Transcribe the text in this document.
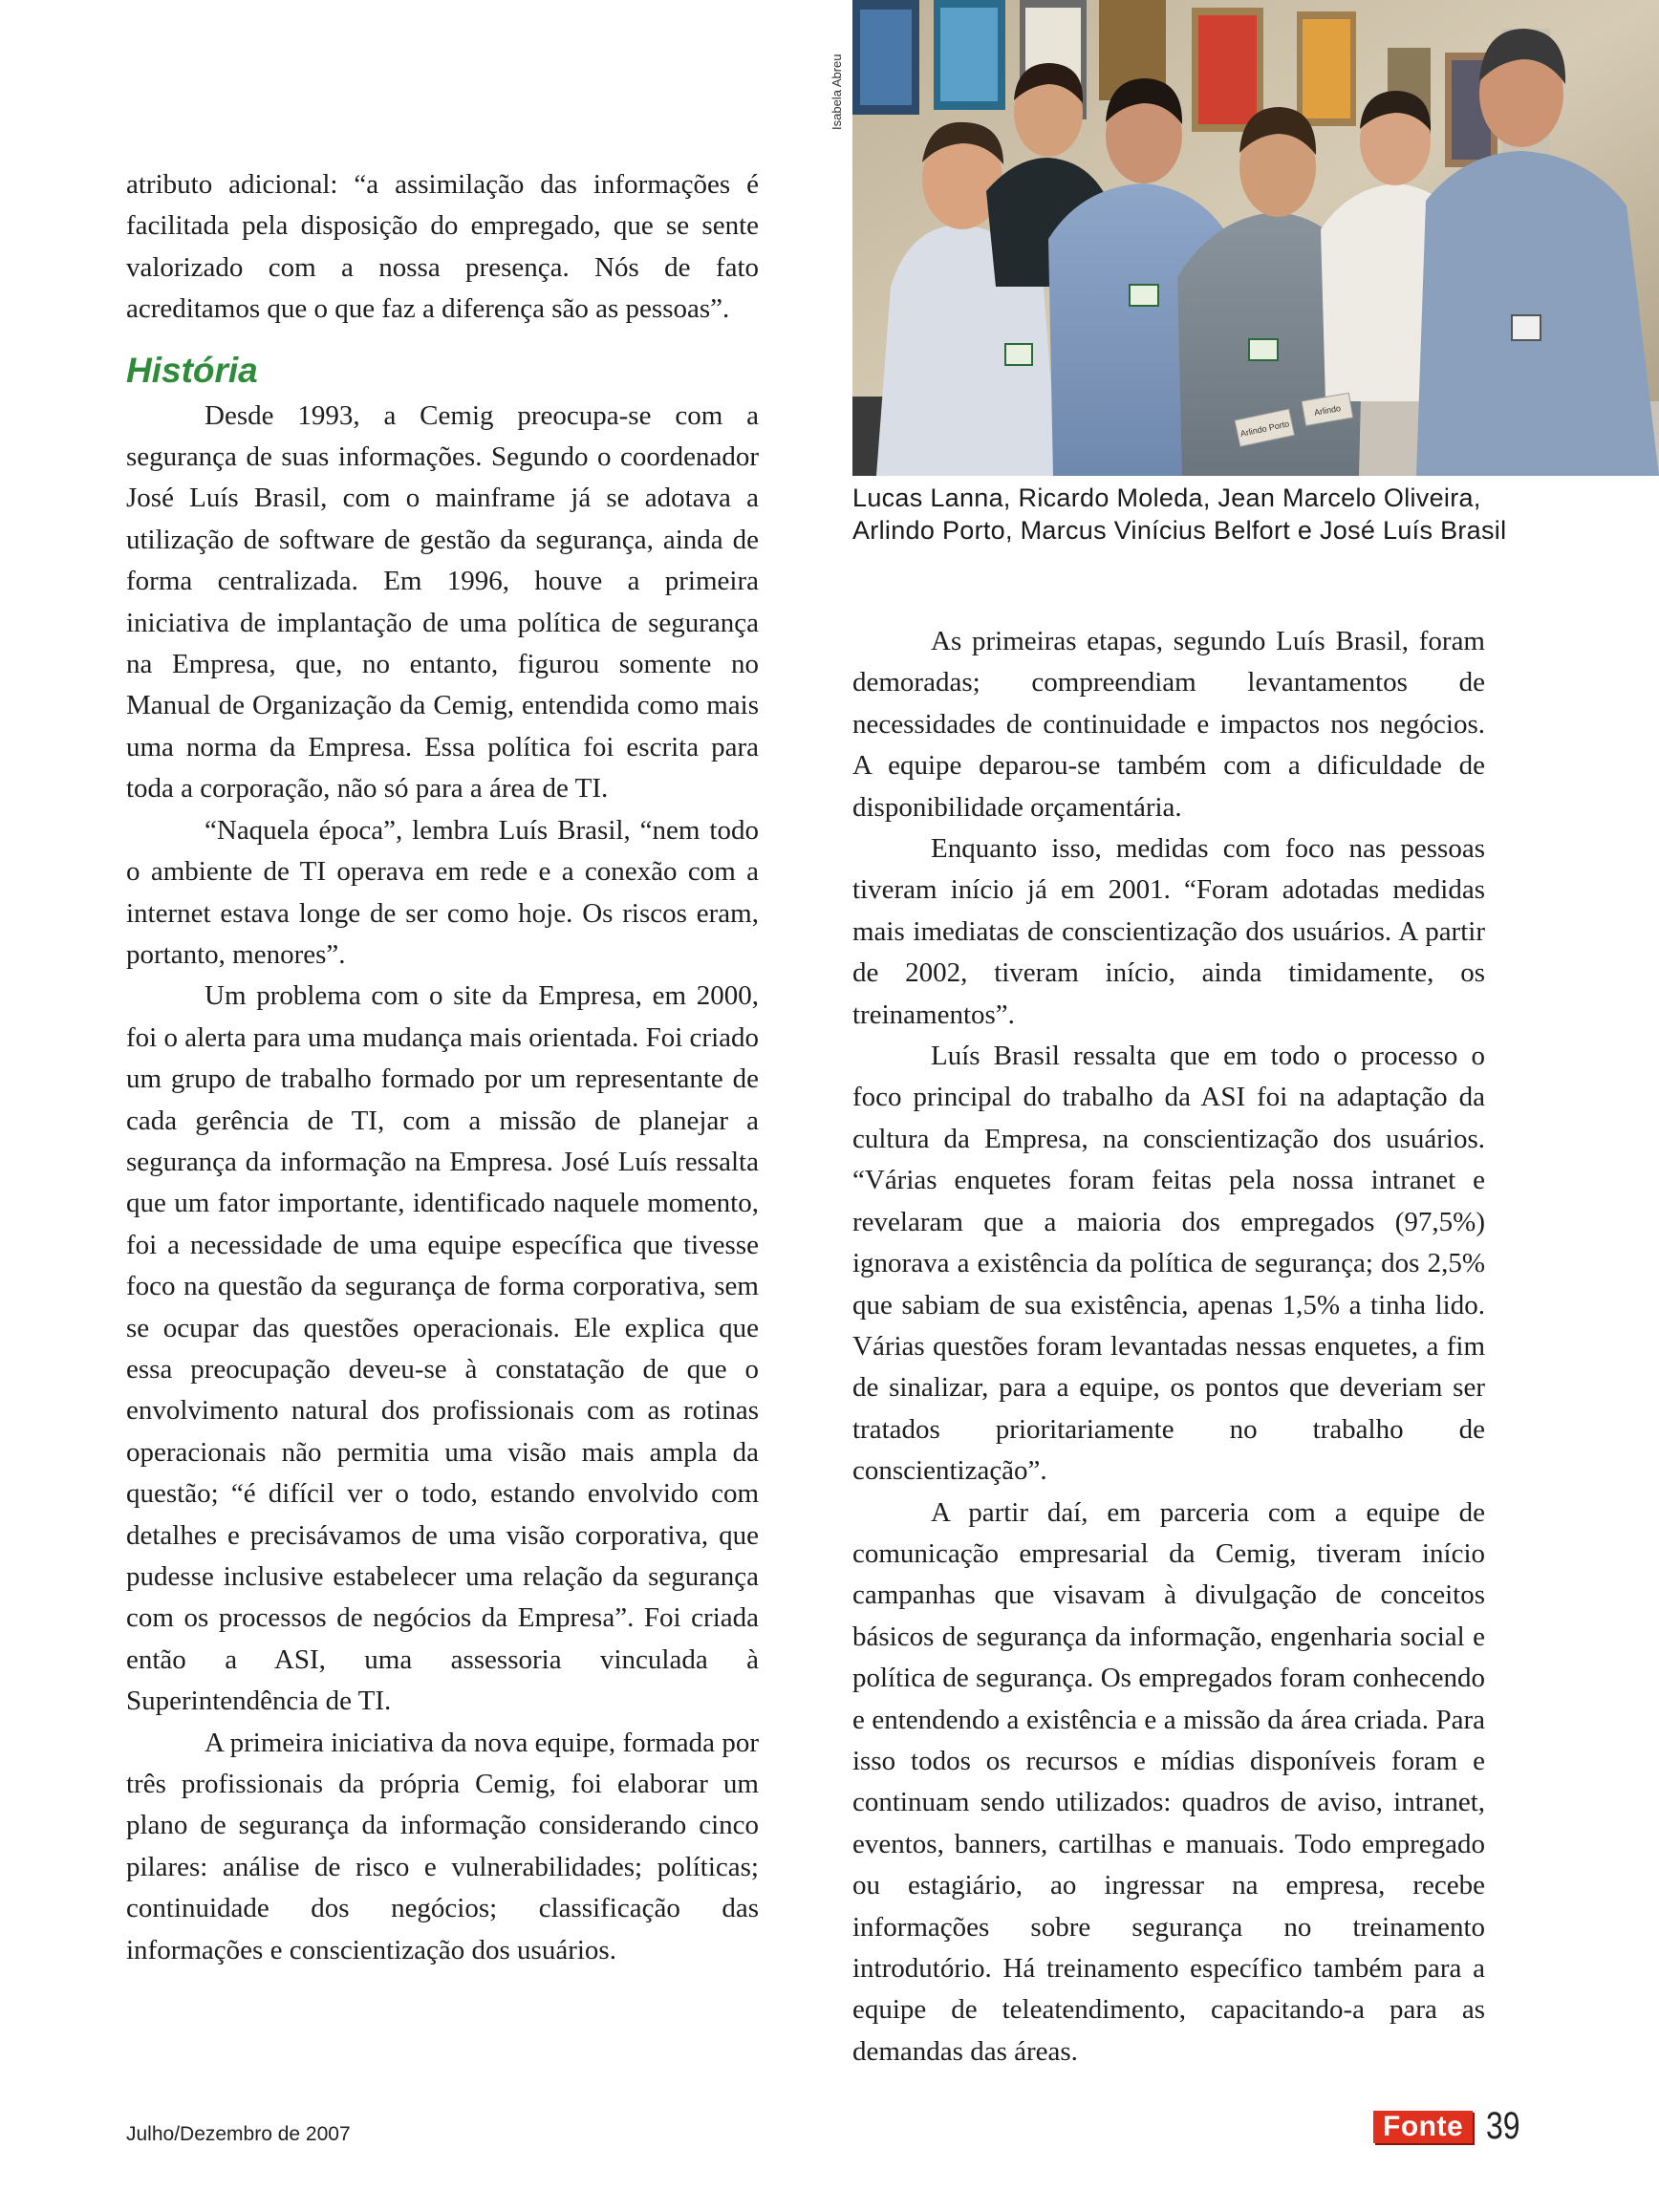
Arlindo Porto
Arlindo
Isabela Abreu
Lucas Lanna, Ricardo Moleda, Jean Marcelo Oliveira,
Arlindo Porto, Marcus Vinícius Belfort e José Luís Brasil

atributo adicional: “a assimilação das informações é facilitada pela disposição do empregado, que se sente valorizado com a nossa presença. Nós de fato acreditamos que o que faz a diferença são as pessoas”.

História

Desde 1993, a Cemig preocupa-se com a segurança de suas informações. Segundo o coordenador José Luís Brasil, com o mainframe já se adotava a utilização de software de gestão da segurança, ainda de forma centralizada. Em 1996, houve a primeira iniciativa de implantação de uma política de segurança na Empresa, que, no entanto, figurou somente no Manual de Organização da Cemig, entendida como mais uma norma da Empresa. Essa política foi escrita para toda a corporação, não só para a área de TI.

“Naquela época”, lembra Luís Brasil, “nem todo o ambiente de TI operava em rede e a conexão com a internet estava longe de ser como hoje. Os riscos eram, portanto, menores”.

Um problema com o site da Empresa, em 2000, foi o alerta para uma mudança mais orientada. Foi criado um grupo de trabalho formado por um representante de cada gerência de TI, com a missão de planejar a segurança da informação na Empresa. José Luís ressalta que um fator importante, identificado naquele momento, foi a necessidade de uma equipe específica que tivesse foco na questão da segurança de forma corporativa, sem se ocupar das questões operacionais. Ele explica que essa preocupação deveu-se à constatação de que o envolvimento natural dos profissionais com as rotinas operacionais não permitia uma visão mais ampla da questão; “é difícil ver o todo, estando envolvido com detalhes e precisávamos de uma visão corporativa, que pudesse inclusive estabelecer uma relação da segurança com os processos de negócios da Empresa”. Foi criada então a ASI, uma assessoria vinculada à Superintendência de TI.

A primeira iniciativa da nova equipe, formada por três profissionais da própria Cemig, foi elaborar um plano de segurança da informação considerando cinco pilares: análise de risco e vulnerabilidades; políticas; continuidade dos negócios; classificação das informações e conscientização dos usuários.

As primeiras etapas, segundo Luís Brasil, foram demoradas; compreendiam levantamentos de necessidades de continuidade e impactos nos negócios. A equipe deparou-se também com a dificuldade de disponibilidade orçamentária.

Enquanto isso, medidas com foco nas pessoas tiveram início já em 2001. “Foram adotadas medidas mais imediatas de conscientização dos usuários. A partir de 2002, tiveram início, ainda timidamente, os treinamentos”.

Luís Brasil ressalta que em todo o processo o foco principal do trabalho da ASI foi na adaptação da cultura da Empresa, na conscientização dos usuários. “Várias enquetes foram feitas pela nossa intranet e revelaram que a maioria dos empregados (97,5%) ignorava a existência da política de segurança; dos 2,5% que sabiam de sua existência, apenas 1,5% a tinha lido. Várias questões foram levantadas nessas enquetes, a fim de sinalizar, para a equipe, os pontos que deveriam ser tratados prioritariamente no trabalho de conscientização”.

A partir daí, em parceria com a equipe de comunicação empresarial da Cemig, tiveram início campanhas que visavam à divulgação de conceitos básicos de segurança da informação, engenharia social e política de segurança. Os empregados foram conhecendo e entendendo a existência e a missão da área criada. Para isso todos os recursos e mídias disponíveis foram e continuam sendo utilizados: quadros de aviso, intranet, eventos, banners, cartilhas e manuais. Todo empregado ou estagiário, ao ingressar na empresa, recebe informações sobre segurança no treinamento introdutório. Há treinamento específico também para a equipe de teleatendimento, capacitando-a para as demandas das áreas.

Julho/Dezembro de 2007	Fonte 39
